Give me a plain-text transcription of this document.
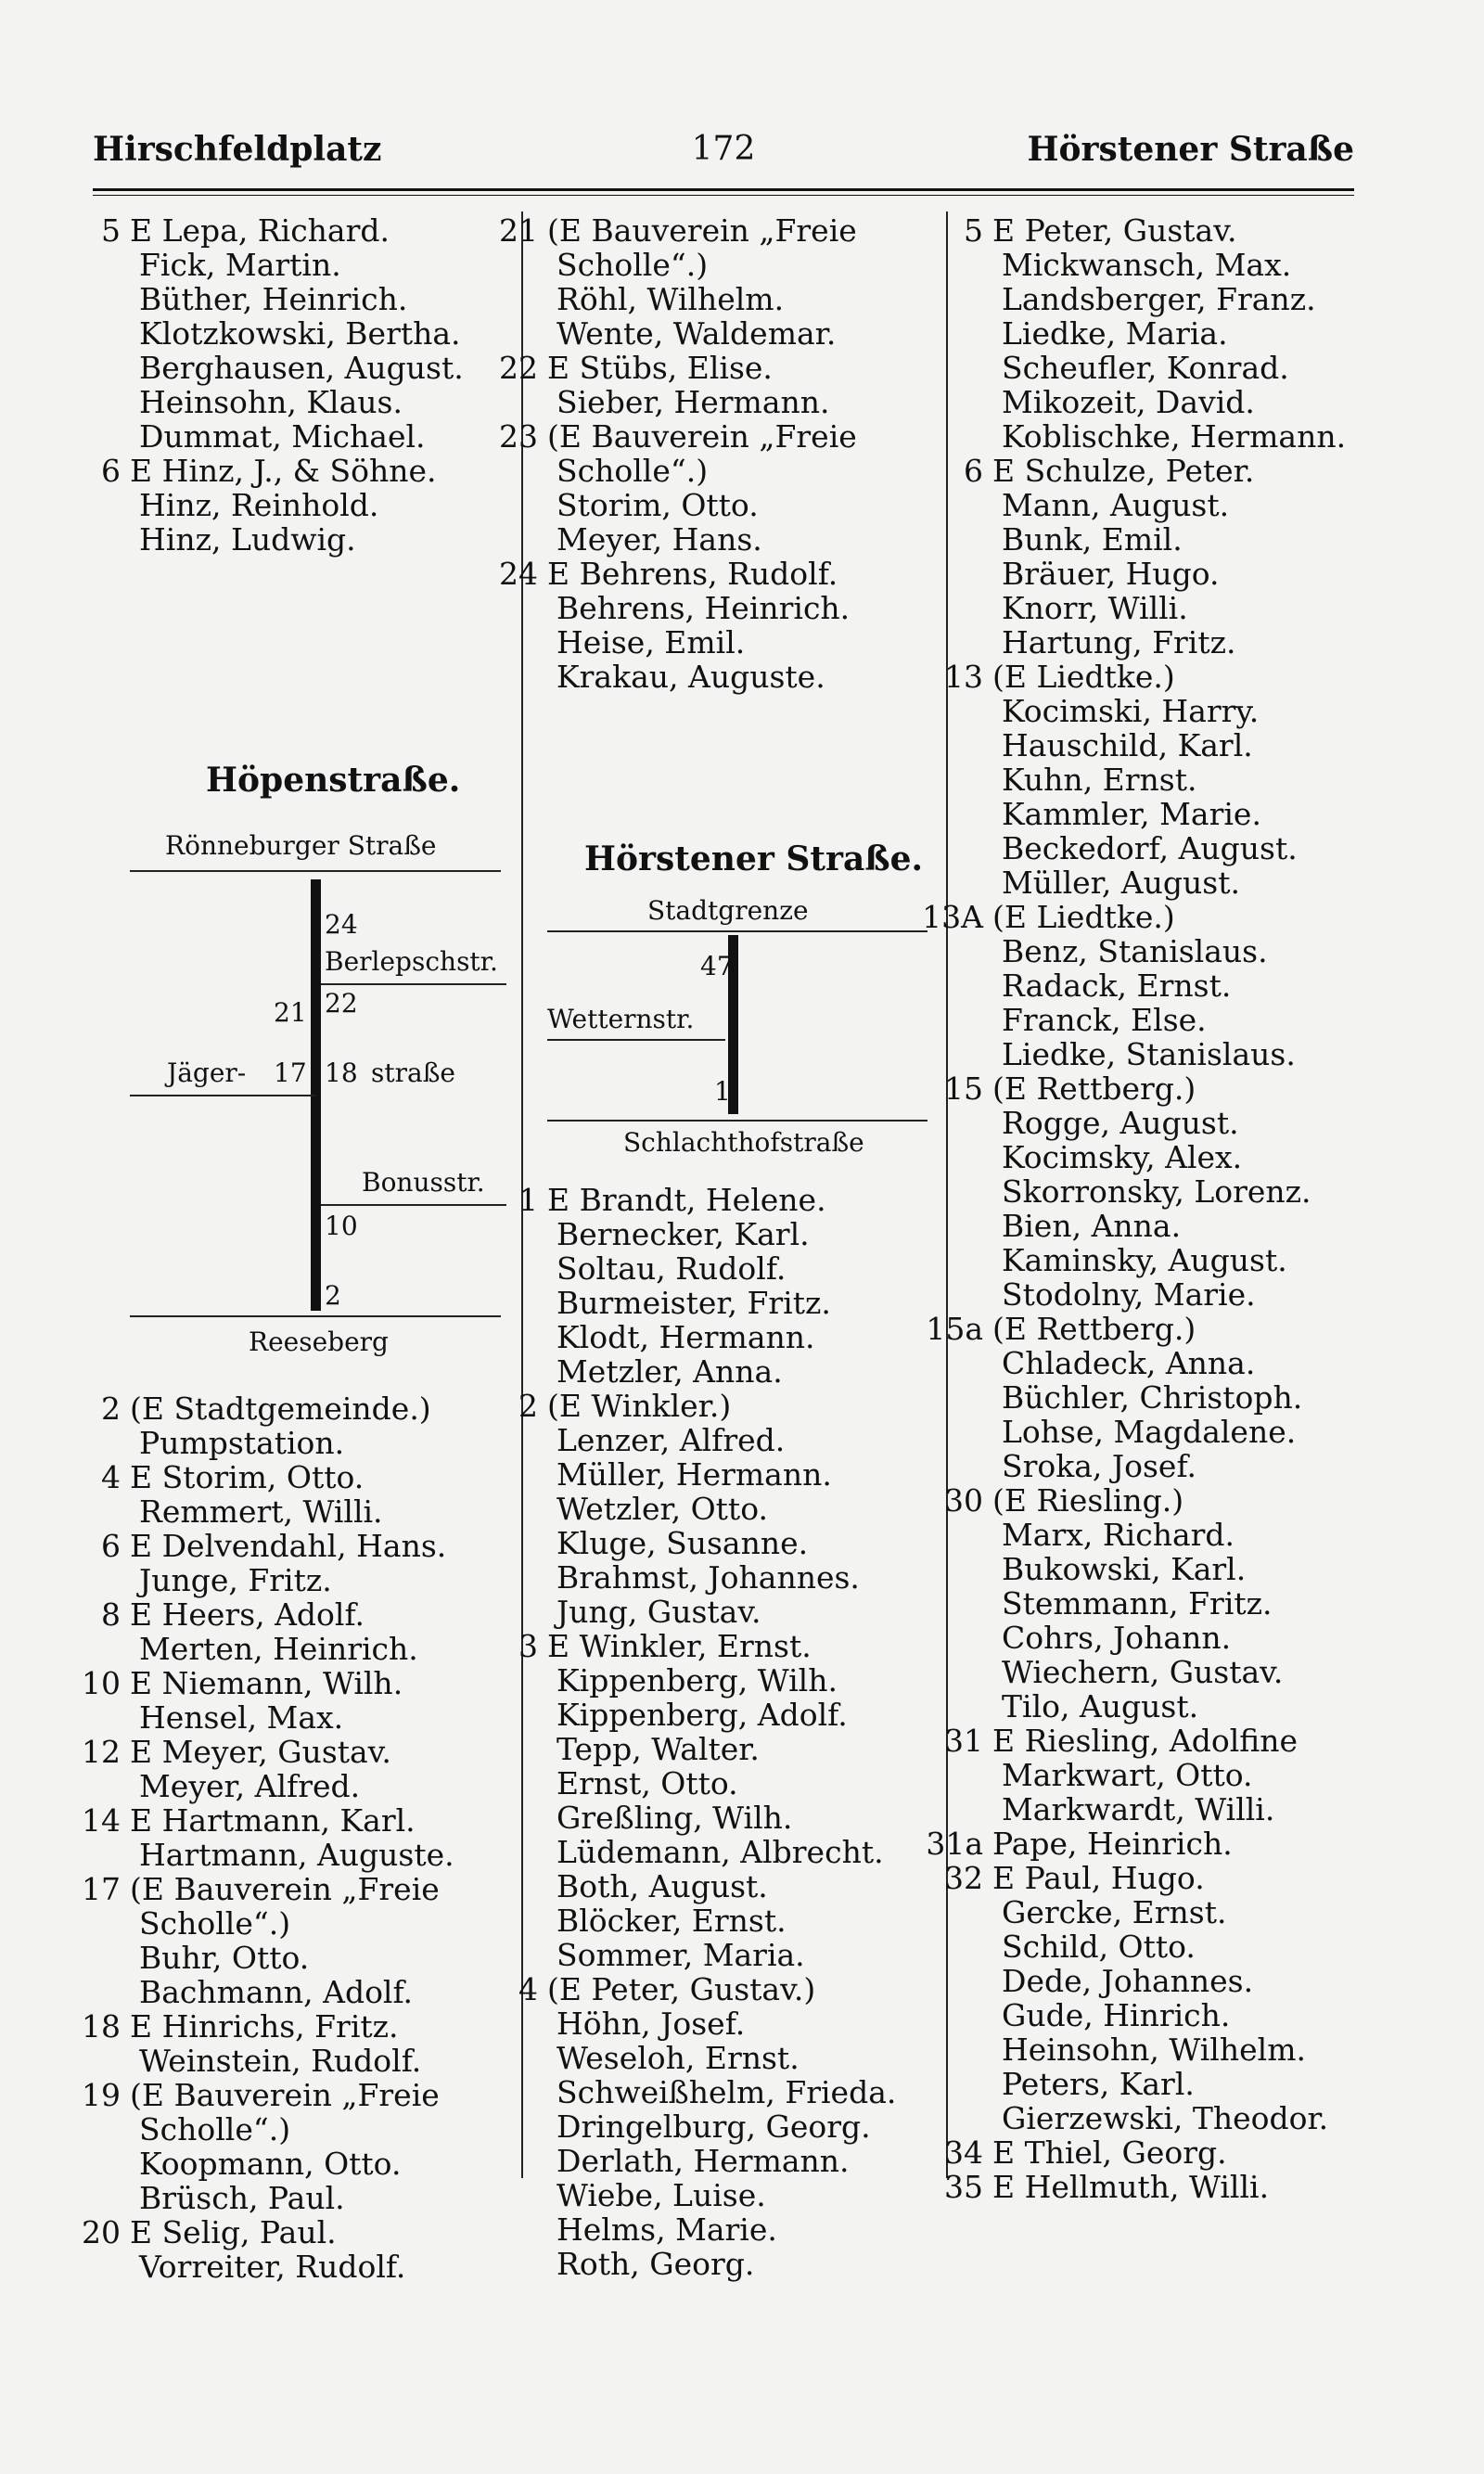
Hirschfeldplatz	172	Hörstener Straße
5 E Lepa, Richard.
Fick, Martin.
Büther, Heinrich.
Klotzkowski, Bertha.
Berghausen, August.
Heinsohn, Klaus.
Dummat, Michael.
6 E Hinz, J., & Söhne.
Hinz, Reinhold.
Hinz, Ludwig.
Höpenstraße.
Rönneburger Straße
24
Berlepschstr.
21 22
Jäger- 17 18 straße
Bonusstr.
10
2
Reeseberg
2 (E Stadtgemeinde.)
Pumpstation.
4 E Storim, Otto.
Remmert, Willi.
6 E Delvendahl, Hans.
Junge, Fritz.
8 E Heers, Adolf.
Merten, Heinrich.
10 E Niemann, Wilh.
Hensel, Max.
12 E Meyer, Gustav.
Meyer, Alfred.
14 E Hartmann, Karl.
Hartmann, Auguste.
17 (E Bauverein „Freie
Scholle“.)
Buhr, Otto.
Bachmann, Adolf.
18 E Hinrichs, Fritz.
Weinstein, Rudolf.
19 (E Bauverein „Freie
Scholle“.)
Koopmann, Otto.
Brüsch, Paul.
20 E Selig, Paul.
Vorreiter, Rudolf.
21 (E Bauverein „Freie
Scholle“.)
Röhl, Wilhelm.
Wente, Waldemar.
22 E Stübs, Elise.
Sieber, Hermann.
23 (E Bauverein „Freie
Scholle“.)
Storim, Otto.
Meyer, Hans.
24 E Behrens, Rudolf.
Behrens, Heinrich.
Heise, Emil.
Krakau, Auguste.
Hörstener Straße.
Stadtgrenze
47
Wetternstr.
1
Schlachthofstraße
1 E Brandt, Helene.
Bernecker, Karl.
Soltau, Rudolf.
Burmeister, Fritz.
Klodt, Hermann.
Metzler, Anna.
2 (E Winkler.)
Lenzer, Alfred.
Müller, Hermann.
Wetzler, Otto.
Kluge, Susanne.
Brahmst, Johannes.
Jung, Gustav.
3 E Winkler, Ernst.
Kippenberg, Wilh.
Kippenberg, Adolf.
Tepp, Walter.
Ernst, Otto.
Greßling, Wilh.
Lüdemann, Albrecht.
Both, August.
Blöcker, Ernst.
Sommer, Maria.
4 (E Peter, Gustav.)
Höhn, Josef.
Weseloh, Ernst.
Schweißhelm, Frieda.
Dringelburg, Georg.
Derlath, Hermann.
Wiebe, Luise.
Helms, Marie.
Roth, Georg.
5 E Peter, Gustav.
Mickwansch, Max.
Landsberger, Franz.
Liedke, Maria.
Scheufler, Konrad.
Mikozeit, David.
Koblischke, Hermann.
6 E Schulze, Peter.
Mann, August.
Bunk, Emil.
Bräuer, Hugo.
Knorr, Willi.
Hartung, Fritz.
13 (E Liedtke.)
Kocimski, Harry.
Hauschild, Karl.
Kuhn, Ernst.
Kammler, Marie.
Beckedorf, August.
Müller, August.
13A (E Liedtke.)
Benz, Stanislaus.
Radack, Ernst.
Franck, Else.
Liedke, Stanislaus.
15 (E Rettberg.)
Rogge, August.
Kocimsky, Alex.
Skorronsky, Lorenz.
Bien, Anna.
Kaminsky, August.
Stodolny, Marie.
15a (E Rettberg.)
Chladeck, Anna.
Büchler, Christoph.
Lohse, Magdalene.
Sroka, Josef.
30 (E Riesling.)
Marx, Richard.
Bukowski, Karl.
Stemmann, Fritz.
Cohrs, Johann.
Wiechern, Gustav.
Tilo, August.
31 E Riesling, Adolfine
Markwart, Otto.
Markwardt, Willi.
31a Pape, Heinrich.
32 E Paul, Hugo.
Gercke, Ernst.
Schild, Otto.
Dede, Johannes.
Gude, Hinrich.
Heinsohn, Wilhelm.
Peters, Karl.
Gierzewski, Theodor.
34 E Thiel, Georg.
35 E Hellmuth, Willi.
